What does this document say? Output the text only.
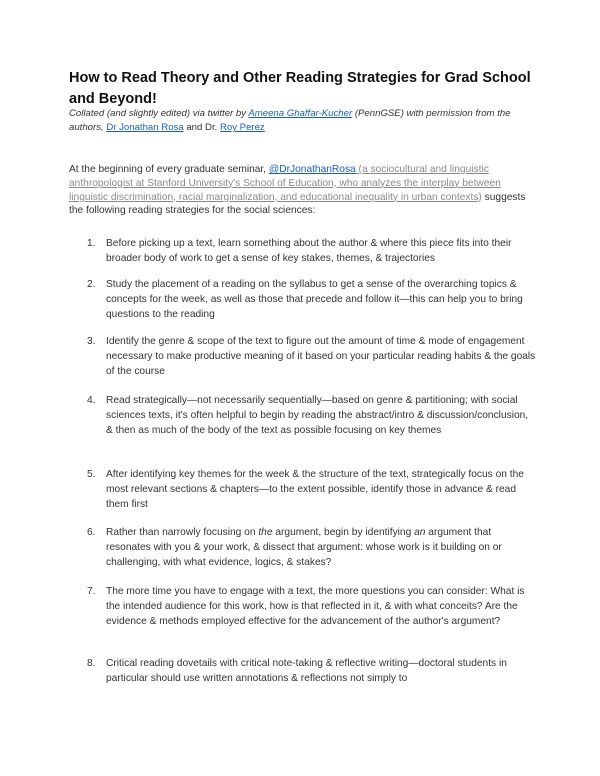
How to Read Theory and Other Reading Strategies for Grad School and Beyond!
Collated (and slightly edited) via twitter by Ameena Ghaffar-Kucher (PennGSE) with permission from the authors, Dr Jonathan Rosa and Dr. Roy Perez
At the beginning of every graduate seminar, @DrJonathanRosa (a sociocultural and linguistic anthropologist at Stanford University's School of Education, who analyzes the interplay between linguistic discrimination, racial marginalization, and educational inequality in urban contexts) suggests the following reading strategies for the social sciences:
1.	Before picking up a text, learn something about the author & where this piece fits into their broader body of work to get a sense of key stakes, themes, & trajectories
2.	Study the placement of a reading on the syllabus to get a sense of the overarching topics & concepts for the week, as well as those that precede and follow it—this can help you to bring questions to the reading
3.	Identify the genre & scope of the text to figure out the amount of time & mode of engagement necessary to make productive meaning of it based on your particular reading habits & the goals of the course
4.	Read strategically—not necessarily sequentially—based on genre & partitioning; with social sciences texts, it's often helpful to begin by reading the abstract/intro & discussion/conclusion, & then as much of the body of the text as possible focusing on key themes
5.	After identifying key themes for the week & the structure of the text, strategically focus on the most relevant sections & chapters—to the extent possible, identify those in advance & read them first
6.	Rather than narrowly focusing on the argument, begin by identifying an argument that resonates with you & your work, & dissect that argument: whose work is it building on or challenging, with what evidence, logics, & stakes?
7.	The more time you have to engage with a text, the more questions you can consider: What is the intended audience for this work, how is that reflected in it, & with what conceits? Are the evidence & methods employed effective for the advancement of the author's argument?
8.	Critical reading dovetails with critical note-taking & reflective writing—doctoral students in particular should use written annotations & reflections not simply to
